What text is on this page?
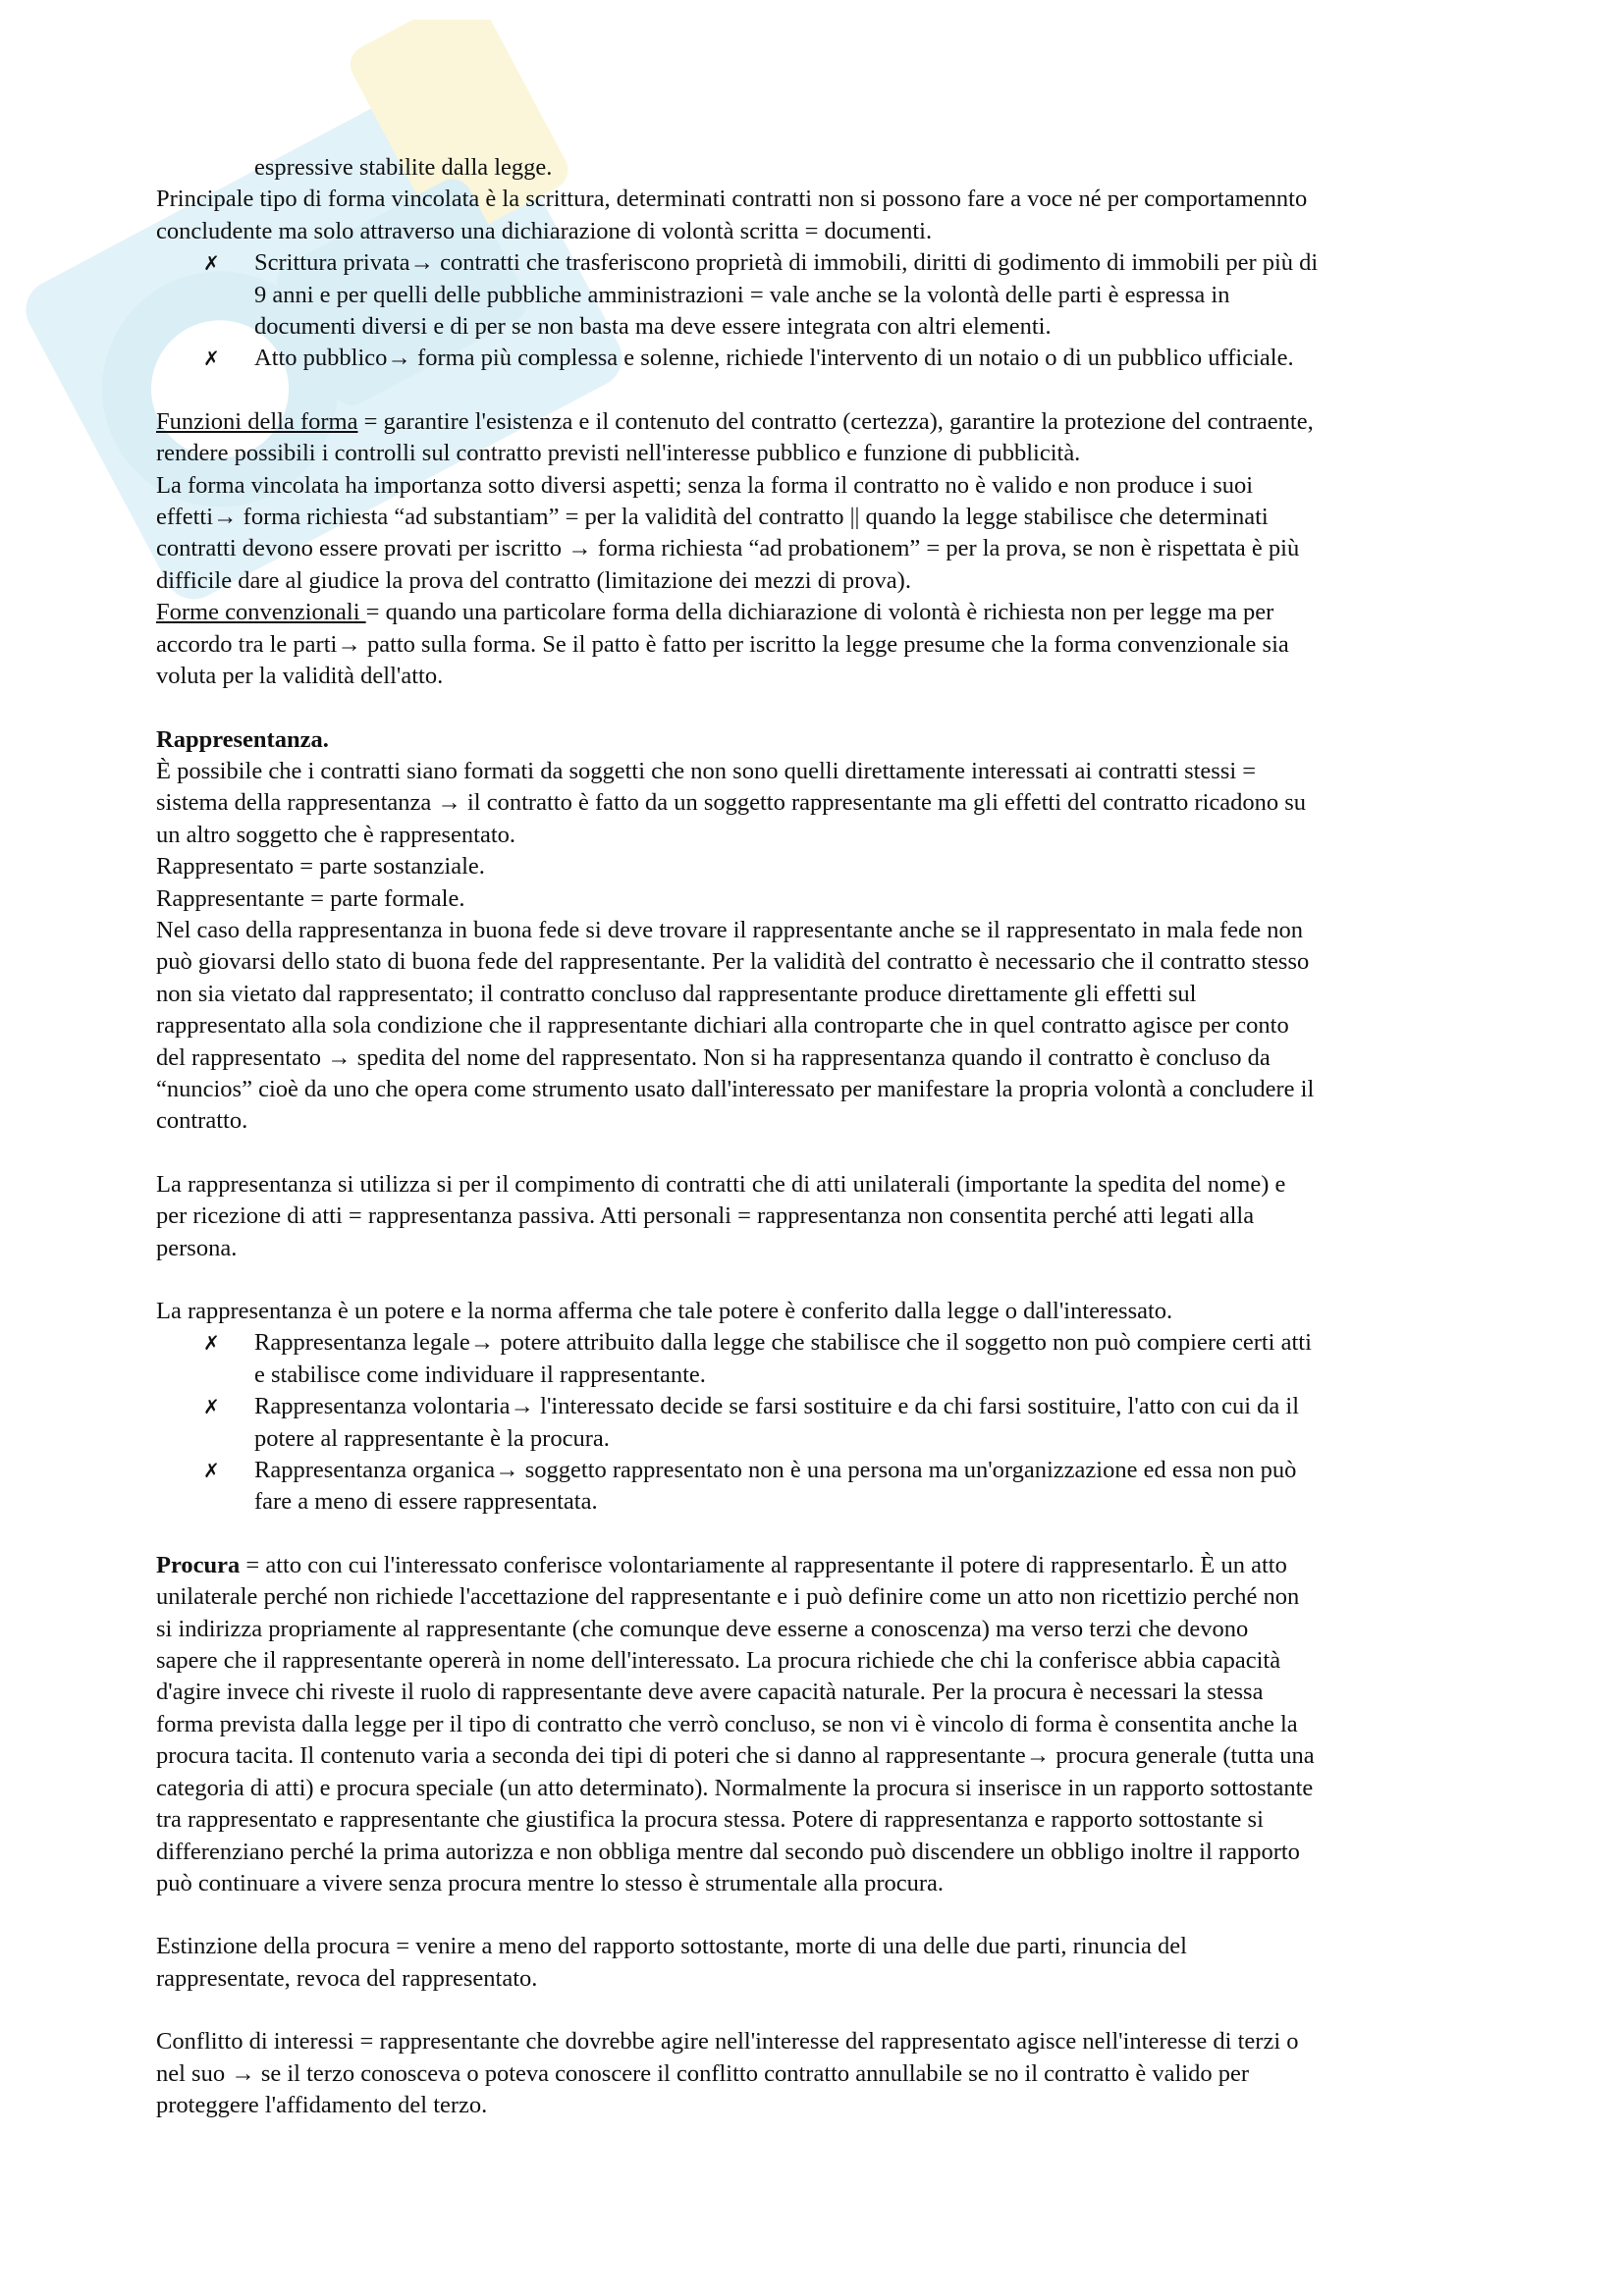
espressive stabilite dalla legge.

Principale tipo di forma vincolata è la scrittura, determinati contratti non si possono fare a voce né per comportamennto

concludente ma solo attraverso una dichiarazione di volontà scritta = documenti.

✗ Scrittura privata→ contratti che trasferiscono proprietà di immobili, diritti di godimento di immobili per più di

9 anni e per quelli delle pubbliche amministrazioni = vale anche se la volontà delle parti è espressa in

documenti diversi e di per se non basta ma deve essere integrata con altri elementi.

✗ Atto pubblico→ forma più complessa e solenne, richiede l'intervento di un notaio o di un pubblico ufficiale.

Funzioni della forma = garantire l'esistenza e il contenuto del contratto (certezza), garantire la protezione del contraente,

rendere possibili i controlli sul contratto previsti nell'interesse pubblico e funzione di pubblicità.

La forma vincolata ha importanza sotto diversi aspetti; senza la forma il contratto no è valido e non produce i suoi

effetti→ forma richiesta “ad substantiam” = per la validità del contratto || quando la legge stabilisce che determinati

contratti devono essere provati per iscritto → forma richiesta “ad probationem” = per la prova, se non è rispettata è più

difficile dare al giudice la prova del contratto (limitazione dei mezzi di prova).

Forme convenzionali = quando una particolare forma della dichiarazione di volontà è richiesta non per legge ma per

accordo tra le parti→ patto sulla forma. Se il patto è fatto per iscritto la legge presume che la forma convenzionale sia

voluta per la validità dell'atto.

Rappresentanza.

È possibile che i contratti siano formati da soggetti che non sono quelli direttamente interessati ai contratti stessi =

sistema della rappresentanza → il contratto è fatto da un soggetto rappresentante ma gli effetti del contratto ricadono su

un altro soggetto che è rappresentato.

Rappresentato = parte sostanziale.

Rappresentante = parte formale.

Nel caso della rappresentanza in buona fede si deve trovare il rappresentante anche se il rappresentato in mala fede non

può giovarsi dello stato di buona fede del rappresentante. Per la validità del contratto è necessario che il contratto stesso

non sia vietato dal rappresentato; il contratto concluso dal rappresentante produce direttamente gli effetti sul

rappresentato alla sola condizione che il rappresentante dichiari alla controparte che in quel contratto agisce per conto

del rappresentato → spedita del nome del rappresentato. Non si ha rappresentanza quando il contratto è concluso da

“nuncios” cioè da uno che opera come strumento usato dall'interessato per manifestare la propria volontà a concludere il

contratto.

La rappresentanza si utilizza si per il compimento di contratti che di atti unilaterali (importante la spedita del nome) e

per ricezione di atti = rappresentanza passiva. Atti personali = rappresentanza non consentita perché atti legati alla

persona.

La rappresentanza è un potere e la norma afferma che tale potere è conferito dalla legge o dall'interessato.

✗ Rappresentanza legale→ potere attribuito dalla legge che stabilisce che il soggetto non può compiere certi atti

e stabilisce come individuare il rappresentante.

✗ Rappresentanza volontaria→ l'interessato decide se farsi sostituire e da chi farsi sostituire, l'atto con cui da il

potere al rappresentante è la procura.

✗ Rappresentanza organica→ soggetto rappresentato non è una persona ma un'organizzazione ed essa non può

fare a meno di essere rappresentata.

Procura = atto con cui l'interessato conferisce volontariamente al rappresentante il potere di rappresentarlo. È un atto

unilaterale perché non richiede l'accettazione del rappresentante e i può definire come un atto non ricettizio perché non

si indirizza propriamente al rappresentante (che comunque deve esserne a conoscenza) ma verso terzi che devono

sapere che il rappresentante opererà in nome dell'interessato. La procura richiede che chi la conferisce abbia capacità

d'agire invece chi riveste il ruolo di rappresentante deve avere capacità naturale. Per la procura è necessari la stessa

forma prevista dalla legge per il tipo di contratto che verrò concluso, se non vi è vincolo di forma è consentita anche la

procura tacita. Il contenuto varia a seconda dei tipi di poteri che si danno al rappresentante→ procura generale (tutta una

categoria di atti) e procura speciale (un atto determinato). Normalmente la procura si inserisce in un rapporto sottostante

tra rappresentato e rappresentante che giustifica la procura stessa. Potere di rappresentanza e rapporto sottostante si

differenziano perché la prima autorizza e non obbliga mentre dal secondo può discendere un obbligo inoltre il rapporto

può continuare a vivere senza procura mentre lo stesso è strumentale alla procura.

Estinzione della procura = venire a meno del rapporto sottostante, morte di una delle due parti, rinuncia del

rappresentate, revoca del rappresentato.

Conflitto di interessi = rappresentante che dovrebbe agire nell'interesse del rappresentato agisce nell'interesse di terzi o

nel suo → se il terzo conosceva o poteva conoscere il conflitto contratto annullabile se no il contratto è valido per

proteggere l'affidamento del terzo.
